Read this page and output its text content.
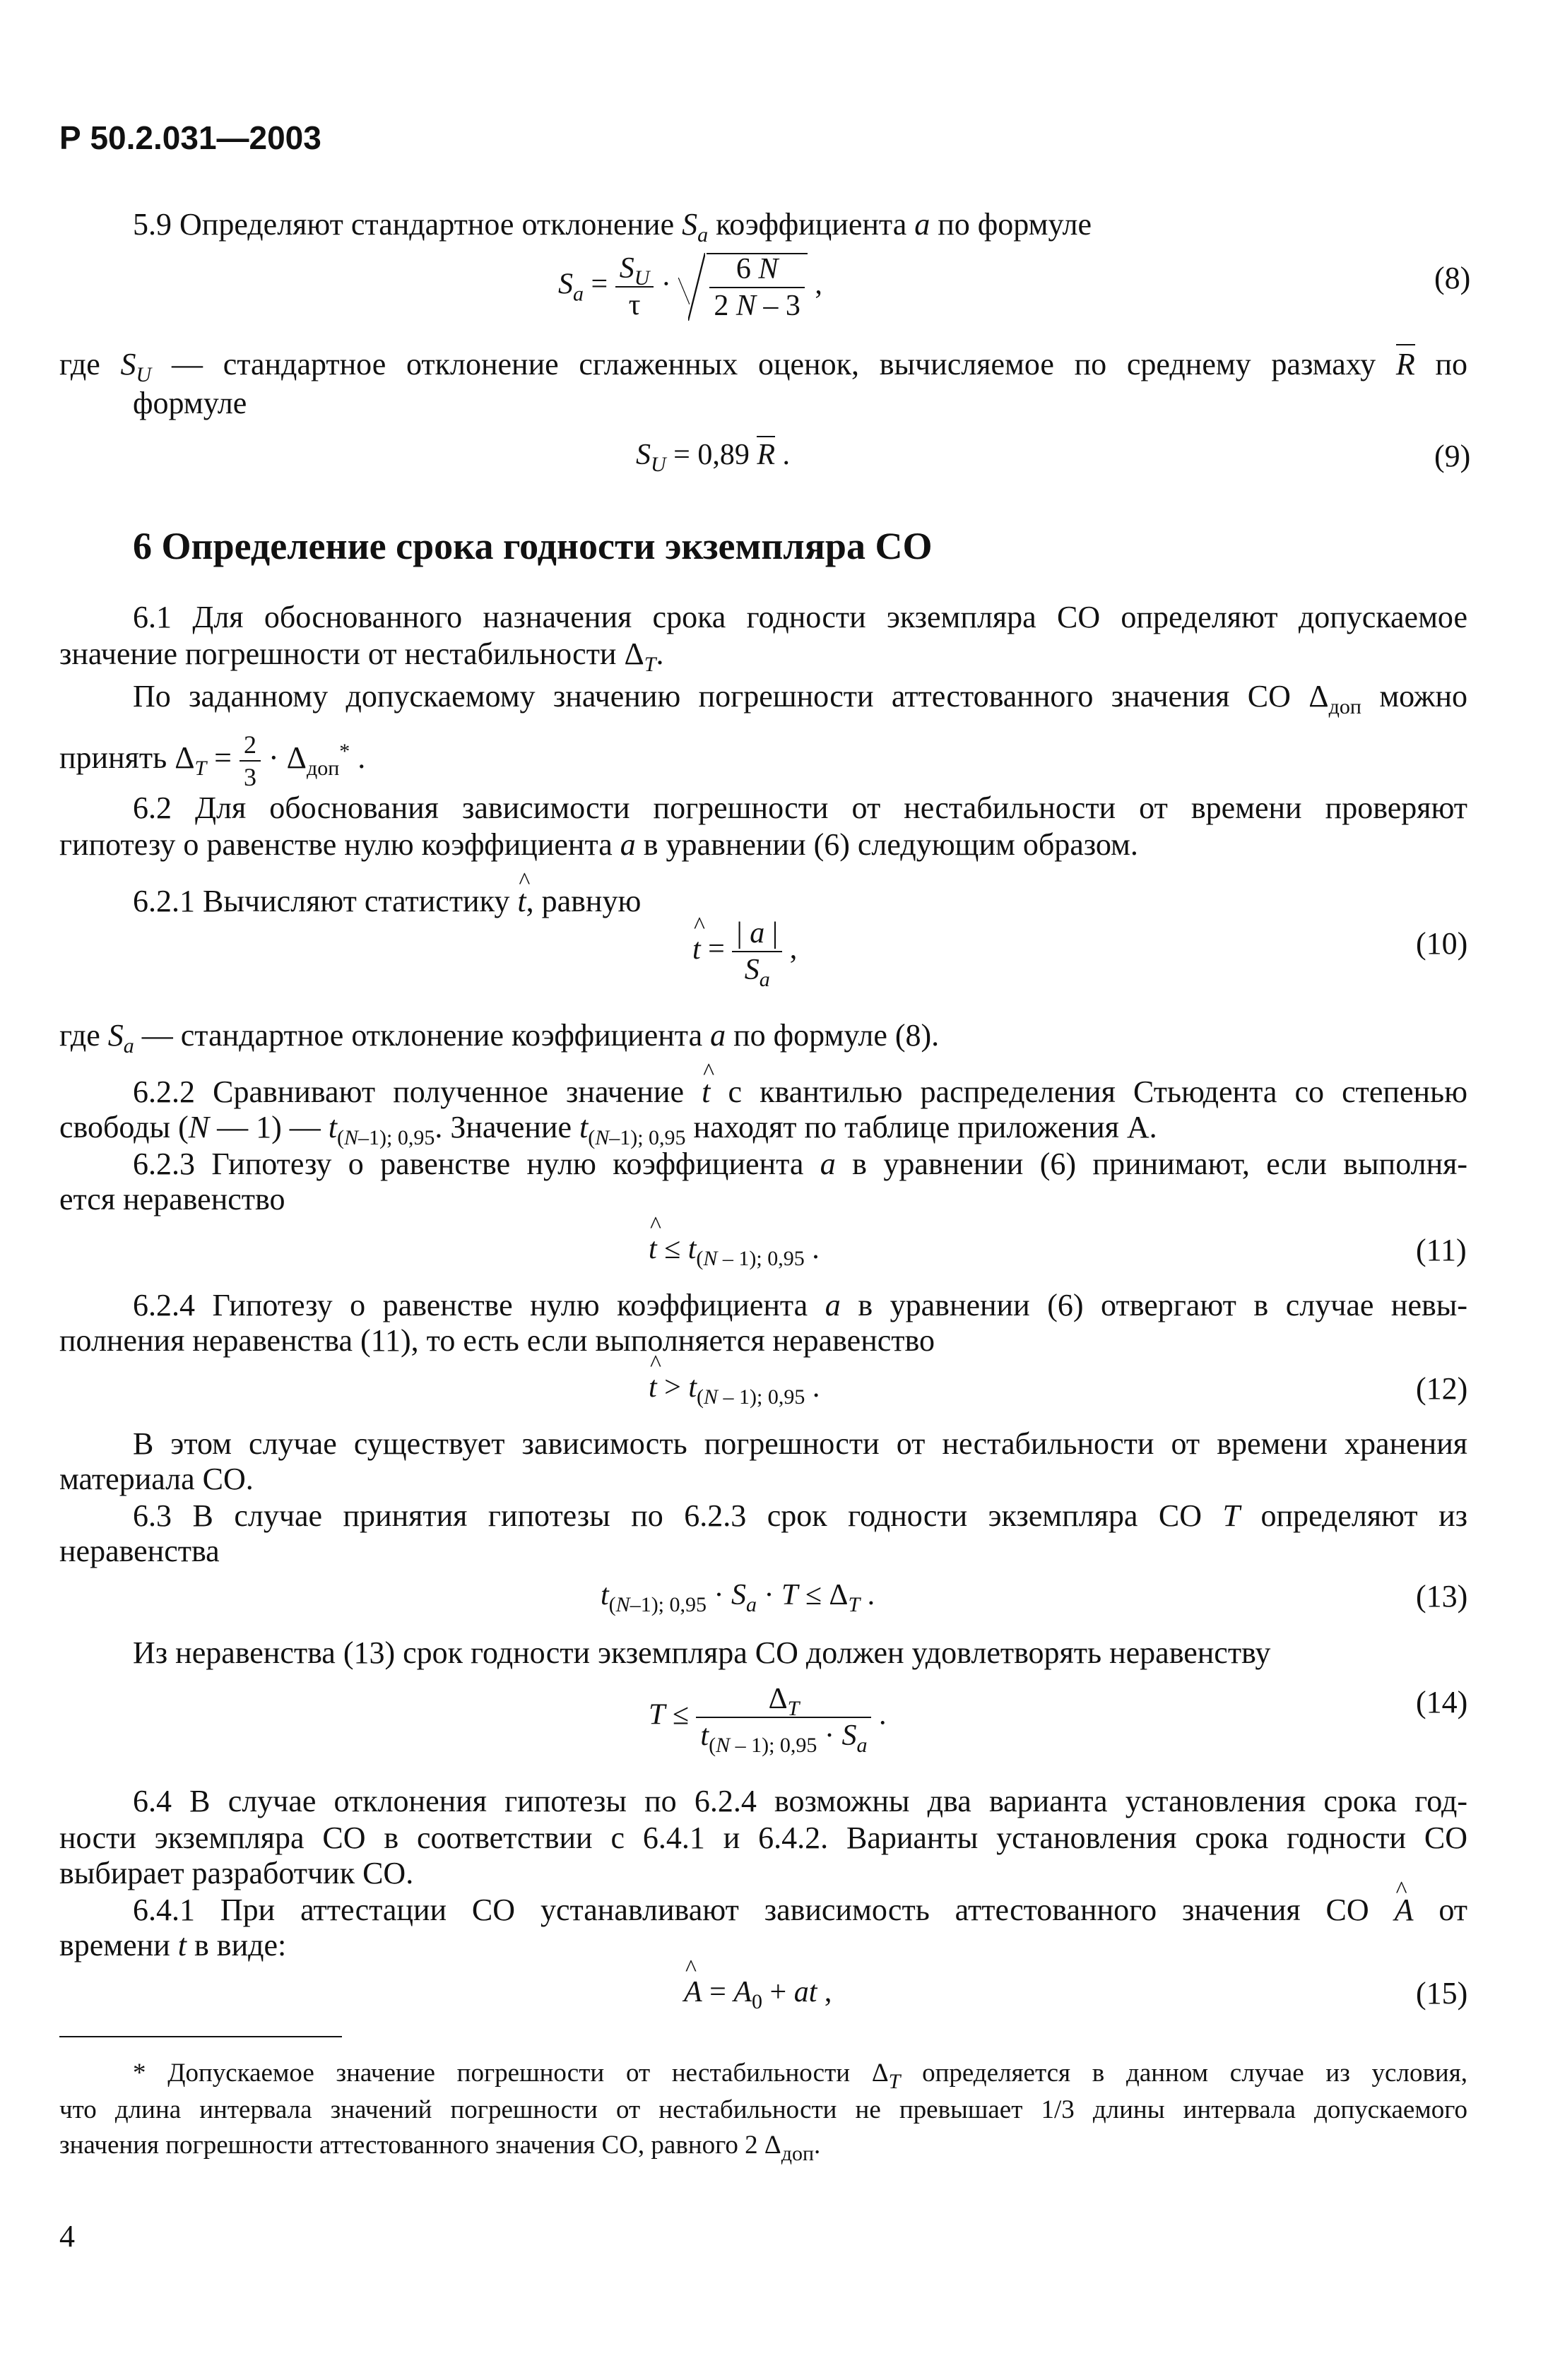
Р 50.2.031—2003
5.9 Определяют стандартное отклонение $S_a$ коэффициента a по формуле
$S_a = \frac{S_U}{\tau} \cdot \frac{6 N}{2 N - 3}$ ,	(8)
где $S_U$ — стандартное отклонение сглаженных оценок, вычисляемое по среднему размаху R по
формуле
$S_U = 0,89$ R .	(9)
6 Определение срока годности экземпляра СО
6.1 Для обоснованного назначения срока годности экземпляра СО определяют допускаемое
значение погрешности от нестабильности $\Delta_T$.
По заданному допускаемому значению погрешности аттестованного значения СО $\Delta_{доп}$ можно
принять $\Delta_T = \frac{2}{3} \cdot \Delta_{доп}^*$ .
6.2 Для обоснования зависимости погрешности от нестабильности от времени проверяют
гипотезу о равенстве нулю коэффициента a в уравнении (6) следующим образом.
6.2.1 Вычисляют статистику ^ t, равную
^ $t = \frac{| a |}{S_a}$ ,	(10)
где $S_a$ — стандартное отклонение коэффициента a по формуле (8).
6.2.2 Сравнивают полученное значение ^ t с квантилью распределения Стьюдента со степенью
свободы (N — 1) — $t_{(N-1); 0,95}$. Значение $t_{(N-1); 0,95}$ находят по таблице приложения А.
6.2.3 Гипотезу о равенстве нулю коэффициента a в уравнении (6) принимают, если выполня-
ется неравенство
^ $t \le t_{(N - 1); 0,95}$ .	(11)
6.2.4 Гипотезу о равенстве нулю коэффициента a в уравнении (6) отвергают в случае невы-
полнения неравенства (11), то есть если выполняется неравенство
^ $t > t_{(N - 1); 0,95}$ .	(12)
В этом случае существует зависимость погрешности от нестабильности от времени хранения
материала СО.
6.3 В случае принятия гипотезы по 6.2.3 срок годности экземпляра СО T определяют из
неравенства
$t_{(N-1); 0,95} \cdot S_a \cdot T \le \Delta_T$ .	(13)
Из неравенства (13) срок годности экземпляра СО должен удовлетворять неравенству
$T \le \frac{\Delta_T}{t_{(N - 1); 0,95} \cdot S_a}$ .	(14)
6.4 В случае отклонения гипотезы по 6.2.4 возможны два варианта установления срока год-
ности экземпляра СО в соответствии с 6.4.1 и 6.4.2. Варианты установления срока годности СО
выбирает разработчик СО.
6.4.1 При аттестации СО устанавливают зависимость аттестованного значения СО ^ A от
времени t в виде:
^ $A = A_0$ + at ,	(15)
* Допускаемое значение погрешности от нестабильности $\Delta_T$ определяется в данном случае из условия,
что длина интервала значений погрешности от нестабильности не превышает 1/3 длины интервала допускаемого
значения погрешности аттестованного значения СО, равного 2 $\Delta_{доп}$.
4
